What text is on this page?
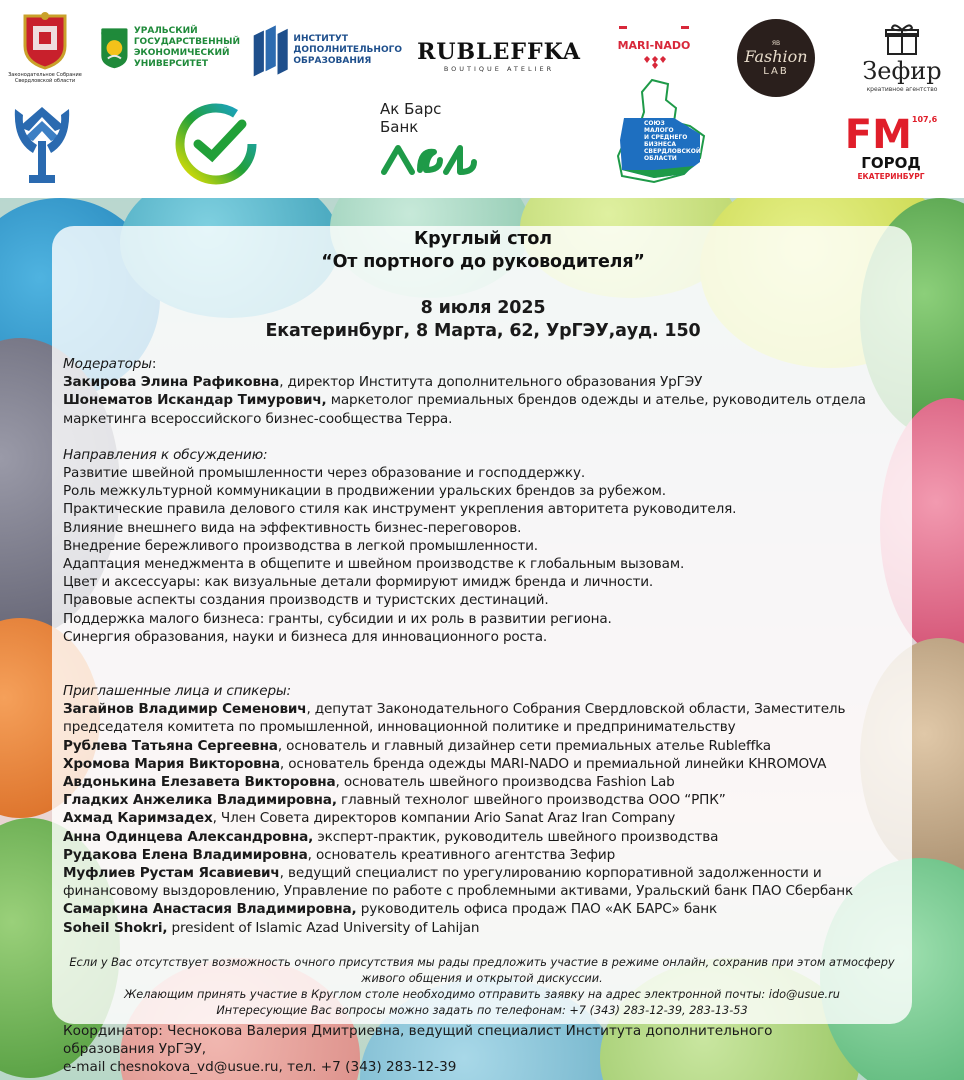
Законодательное Собрание Свердловской области
УРАЛЬСКИЙ
ГОСУДАРСТВЕННЫЙ
ЭКОНОМИЧЕСКИЙ
УНИВЕРСИТЕТ
ИНСТИТУТ
ДОПОЛНИТЕЛЬНОГО
ОБРАЗОВАНИЯ	RUBLEFFKA
BOUTIQUE ATELIER
MARI-NADO	ЯВ
Fashion
LAB	Зефир
креативное агентство
Ак Барс
Банк	СОЮЗ
МАЛОГО
И СРЕДНЕГО
БИЗНЕСА
СВЕРДЛОВСКОЙ
ОБЛАСТИ
FM 107,6
ГОРОД
ЕКАТЕРИНБУРГ
Круглый стол
“От портного до руководителя”
8 июля 2025
Екатеринбург, 8 Марта, 62, УрГЭУ,ауд. 150

Модераторы:

Закирова Элина Рафиковна, директор Института дополнительного образования УрГЭУ

Шонематов Искандар Тимурович, маркетолог премиальных брендов одежды и ателье, руководитель отдела маркетинга всероссийского бизнес-сообщества Терра.

Направления к обсуждению:

Развитие швейной промышленности через образование и господдержку.

Роль межкультурной коммуникации в продвижении уральских брендов за рубежом.

Практические правила делового стиля как инструмент укрепления авторитета руководителя.

Влияние внешнего вида на эффективность бизнес-переговоров.

Внедрение бережливого производства в легкой промышленности.

Адаптация менеджмента в общепите и швейном производстве к глобальным вызовам.

Цвет и аксессуары: как визуальные детали формируют имидж бренда и личности.

Правовые аспекты создания производств и туристских дестинаций.

Поддержка малого бизнеса: гранты, субсидии и их роль в развитии региона.

Синергия образования, науки и бизнеса для инновационного роста.

Приглашенные лица и спикеры:

Загайнов Владимир Семенович, депутат Законодательного Собрания Свердловской области, Заместитель председателя комитета по промышленной, инновационной политике и предпринимательству

Рублева Татьяна Сергеевна, основатель и главный дизайнер сети премиальных ателье Rubleffka

Хромова Мария Викторовна, основатель бренда одежды MARI-NADO и премиальной линейки KHROMOVA

Авдонькина Елезавета Викторовна, основатель швейного производсва Fashion Lab

Гладких Анжелика Владимировна, главный технолог швейного производства ООО “РПК”

Ахмад Каримзадех, Член Совета директоров компании Ario Sanat Araz Iran Company

Анна Одинцева Александровна, эксперт-практик, руководитель швейного производства

Рудакова Елена Владимировна, основатель креативного агентства Зефир

Муфлиев Рустам Ясавиевич, ведущий специалист по урегулированию корпоративной задолженности и финансовому выздоровлению, Управление по работе с проблемными активами, Уральский банк ПАО Сбербанк

Самаркина Анастасия Владимировна, руководитель офиса продаж ПАО «АК БАРС» банк

Soheil Shokri, president of Islamic Azad University of Lahijan

Если у Вас отсутствует возможность очного присутствия мы рады предложить участие в режиме онлайн, сохранив при этом атмосферу живого общения и открытой дискуссии.

Желающим принять участие в Круглом столе необходимо отправить заявку на адрес электронной почты: ido@usue.ru

Интересующие Вас вопросы можно задать по телефонам: +7 (343) 283-12-39, 283-13-53

Координатор: Чеснокова Валерия Дмитриевна, ведущий специалист Института дополнительного

образования УрГЭУ,

e-mail chesnokova_vd@usue.ru, тел. +7 (343) 283-12-39
